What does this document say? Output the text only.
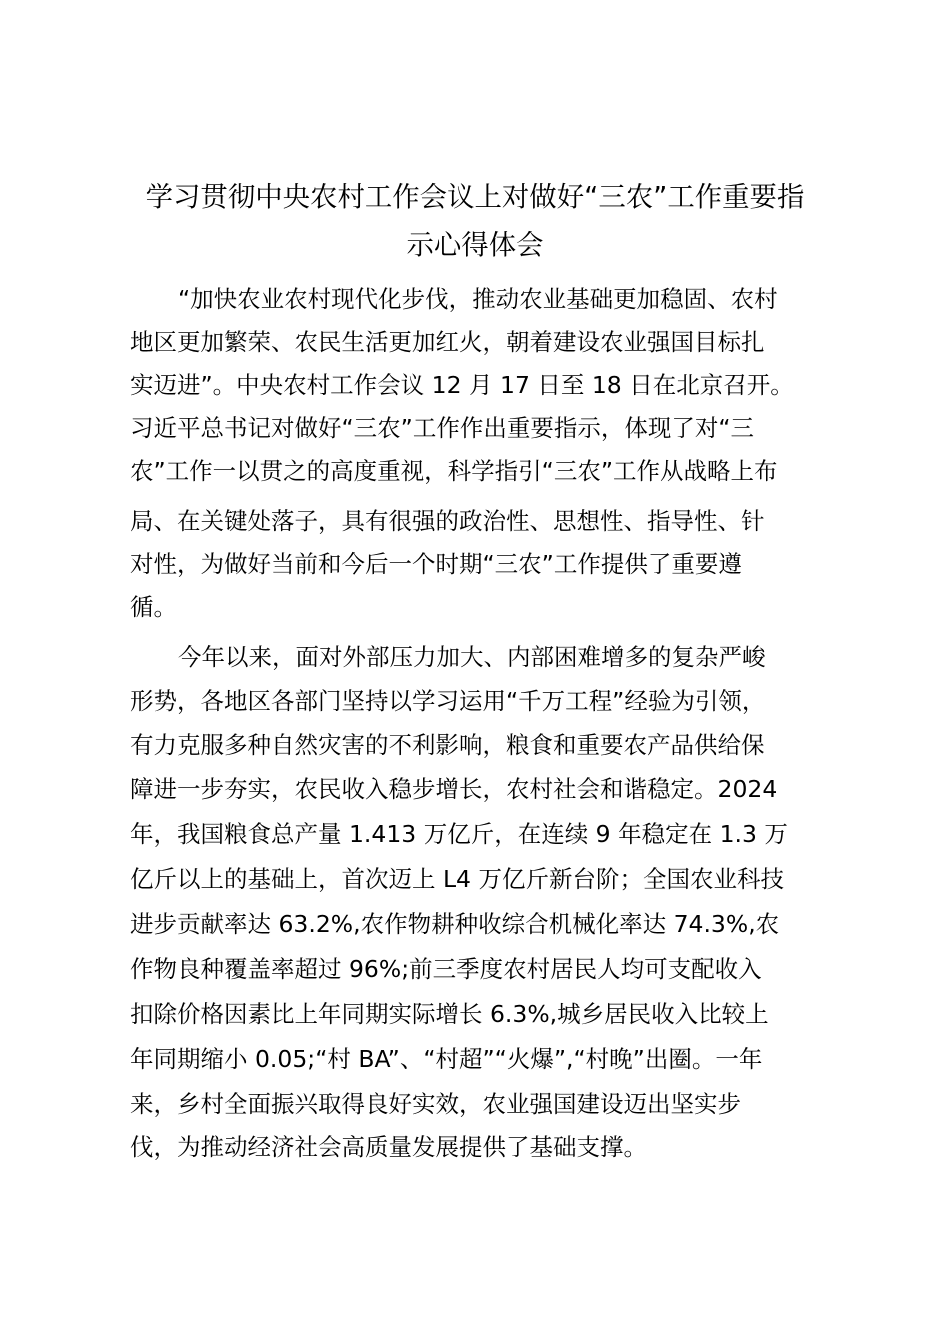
学习贯彻中央农村工作会议上对做好“三农”工作重要指
示心得体会
“加快农业农村现代化步伐，推动农业基础更加稳固、农村
地区更加繁荣、农民生活更加红火，朝着建设农业强国目标扎
实迈进”。中央农村工作会议 12 月 17 日至 18 日在北京召开。
习近平总书记对做好“三农”工作作出重要指示，体现了对“三
农”工作一以贯之的高度重视，科学指引“三农”工作从战略上布
局、在关键处落子，具有很强的政治性、思想性、指导性、针
对性，为做好当前和今后一个时期“三农”工作提供了重要遵
循。
今年以来，面对外部压力加大、内部困难增多的复杂严峻
形势，各地区各部门坚持以学习运用“千万工程”经验为引领，
有力克服多种自然灾害的不利影响，粮食和重要农产品供给保
障进一步夯实，农民收入稳步增长，农村社会和谐稳定。2024
年，我国粮食总产量 1.413 万亿斤，在连续 9 年稳定在 1.3 万
亿斤以上的基础上，首次迈上 L4 万亿斤新台阶；全国农业科技
进步贡献率达 63.2%,农作物耕种收综合机械化率达 74.3%,农
作物良种覆盖率超过 96%;前三季度农村居民人均可支配收入
扣除价格因素比上年同期实际增长 6.3%,城乡居民收入比较上
年同期缩小 0.05;“村 BA”、“村超”“火爆”,“村晚”出圈。一年
来，乡村全面振兴取得良好实效，农业强国建设迈出坚实步
伐，为推动经济社会高质量发展提供了基础支撑。
